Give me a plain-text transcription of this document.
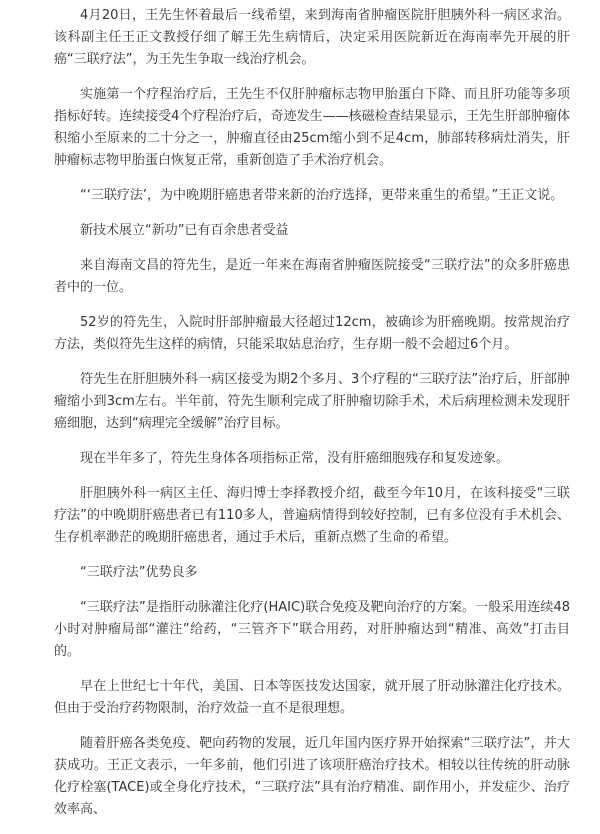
4月20日，王先生怀着最后一线希望，来到海南省肿瘤医院肝胆胰外科一病区求治。该科副主任王正文教授仔细了解王先生病情后，决定采用医院新近在海南率先开展的肝癌“三联疗法”，为王先生争取一线治疗机会。

实施第一个疗程治疗后，王先生不仅肝肿瘤标志物甲胎蛋白下降、而且肝功能等多项指标好转。连续接受4个疗程治疗后，奇迹发生——核磁检查结果显示，王先生肝部肿瘤体积缩小至原来的二十分之一，肿瘤直径由25cm缩小到不足4cm，肺部转移病灶消失，肝肿瘤标志物甲胎蛋白恢复正常，重新创造了手术治疗机会。

“‘三联疗法’，为中晚期肝癌患者带来新的治疗选择，更带来重生的希望。”王正文说。

新技术展立“新功”已有百余患者受益

来自海南文昌的符先生，是近一年来在海南省肿瘤医院接受“三联疗法”的众多肝癌患者中的一位。

52岁的符先生，入院时肝部肿瘤最大径超过12cm，被确诊为肝癌晚期。按常规治疗方法，类似符先生这样的病情，只能采取姑息治疗，生存期一般不会超过6个月。

符先生在肝胆胰外科一病区接受为期2个多月、3个疗程的“三联疗法”治疗后，肝部肿瘤缩小到3cm左右。半年前，符先生顺利完成了肝肿瘤切除手术，术后病理检测未发现肝癌细胞，达到“病理完全缓解”治疗目标。

现在半年多了，符先生身体各项指标正常，没有肝癌细胞残存和复发迹象。

肝胆胰外科一病区主任、海归博士李择教授介绍，截至今年10月，在该科接受“三联疗法”的中晚期肝癌患者已有110多人，普遍病情得到较好控制，已有多位没有手术机会、生存机率渺茫的晚期肝癌患者，通过手术后，重新点燃了生命的希望。

“三联疗法”优势良多

“三联疗法”是指肝动脉灌注化疗(HAIC)联合免疫及靶向治疗的方案。一般采用连续48小时对肿瘤局部“灌注”给药，“三管齐下”联合用药，对肝肿瘤达到“精准、高效”打击目的。

早在上世纪七十年代，美国、日本等医技发达国家，就开展了肝动脉灌注化疗技术。但由于受治疗药物限制，治疗效益一直不是很理想。

随着肝癌各类免疫、靶向药物的发展，近几年国内医疗界开始探索“三联疗法”，并大获成功。王正文表示，一年多前，他们引进了该项肝癌治疗技术。相较以往传统的肝动脉化疗栓塞(TACE)或全身化疗技术，“三联疗法”具有治疗精准、副作用小，并发症少、治疗效率高、
